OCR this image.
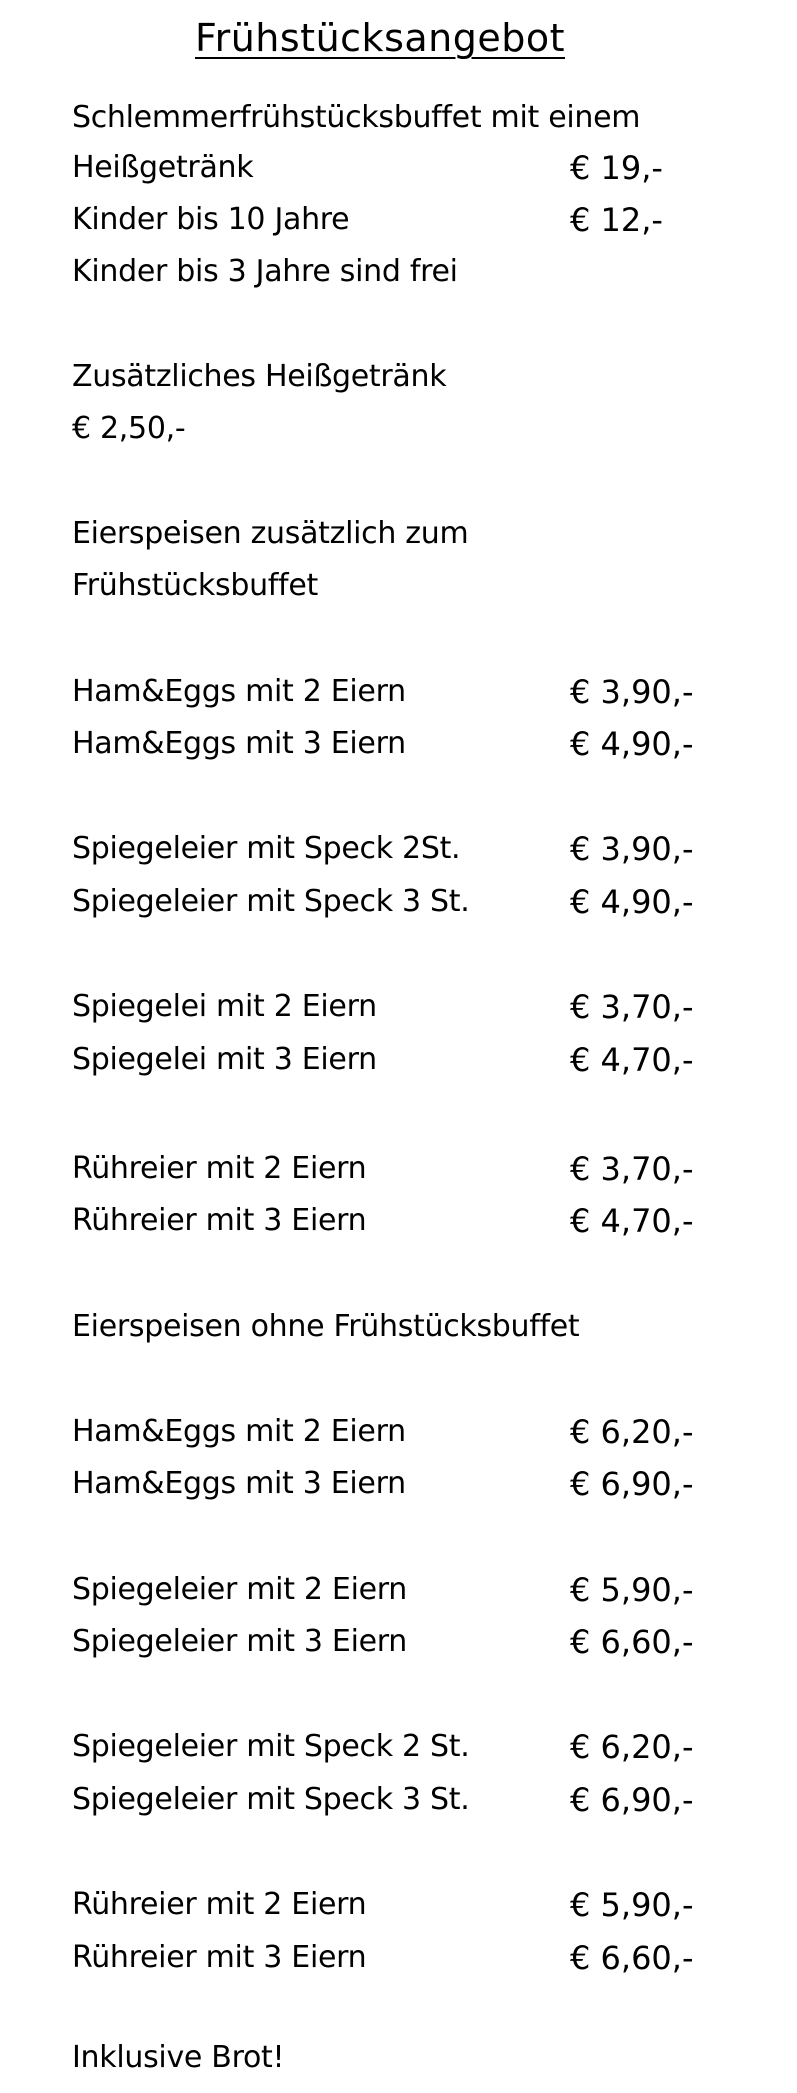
Frühstücksangebot
Schlemmerfrühstücksbuffet mit einem
Heißgetränk	€ 19,-
Kinder bis 10 Jahre	€ 12,-
Kinder bis 3 Jahre sind frei
Zusätzliches Heißgetränk
€ 2,50,-
Eierspeisen zusätzlich zum
Frühstücksbuffet
Ham&Eggs mit 2 Eiern	€ 3,90,-
Ham&Eggs mit 3 Eiern	€ 4,90,-
Spiegeleier mit Speck 2St.	€ 3,90,-
Spiegeleier mit Speck 3 St.	€ 4,90,-
Spiegelei mit 2 Eiern	€ 3,70,-
Spiegelei mit 3 Eiern	€ 4,70,-
Rühreier mit 2 Eiern	€ 3,70,-
Rühreier mit 3 Eiern	€ 4,70,-
Eierspeisen ohne Frühstücksbuffet
Ham&Eggs mit 2 Eiern	€ 6,20,-
Ham&Eggs mit 3 Eiern	€ 6,90,-
Spiegeleier mit 2 Eiern	€ 5,90,-
Spiegeleier mit 3 Eiern	€ 6,60,-
Spiegeleier mit Speck 2 St.	€ 6,20,-
Spiegeleier mit Speck 3 St.	€ 6,90,-
Rühreier mit 2 Eiern	€ 5,90,-
Rühreier mit 3 Eiern	€ 6,60,-
Inklusive Brot!
